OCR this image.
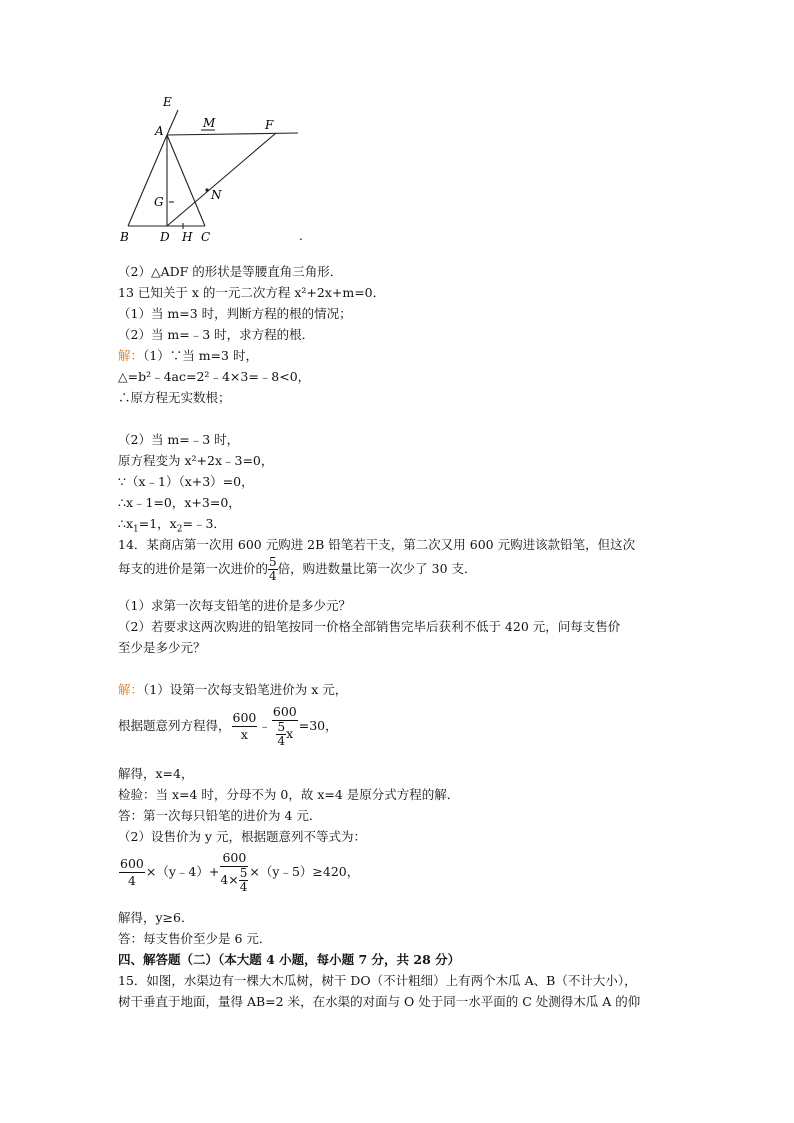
E
A
M	F
G	N
B	D H C	.
（2）△ADF 的形状是等腰直角三角形．
13 已知关于 x 的一元二次方程 x²+2x+m=0．
（1）当 m=3 时，判断方程的根的情况；
（2）当 m=﹣3 时，求方程的根．
解：（1）∵当 m=3 时，
△=b²﹣4ac=2²﹣4×3=﹣8<0，
∴原方程无实数根；
（2）当 m=﹣3 时，
原方程变为 x²+2x﹣3=0，
∵（x﹣1）（x+3）=0，
∴x﹣1=0，x+3=0，
$\therefore x_1=1$，$x_2=﹣3$．
14．某商店第一次用 600 元购进 2B 铅笔若干支，第二次又用 600 元购进该款铅笔，但这次
每支的进价是第一次进价的 $\frac{5}{4}$ 倍，购进数量比第一次少了 30 支．
（1）求第一次每支铅笔的进价是多少元？
（2）若要求这两次购进的铅笔按同一价格全部销售完毕后获利不低于 420 元，问每支售价
至少是多少元？
解：（1）设第一次每支铅笔进价为 x 元，
根据题意列方程得， $\frac{600}{x}$ ﹣ $\frac{600}{\frac{5}{4} x} =30$，
解得，x=4，
检验：当 x=4 时，分母不为 0，故 x=4 是原分式方程的解．
答：第一次每只铅笔的进价为 4 元．
（2）设售价为 y 元，根据题意列不等式为：
$\frac{600}{4}$ ×（y﹣4）+ $\frac{600}{4\times \frac{5}{4}}$ ×（y﹣5）≥420，
解得，y≥6．
答：每支售价至少是 6 元．
四、解答题（二）（本大题 4 小题，每小题 7 分，共 28 分）
15．如图，水渠边有一棵大木瓜树，树干 DO（不计粗细）上有两个木瓜 A、B（不计大小），
树干垂直于地面，量得 AB=2 米，在水渠的对面与 O 处于同一水平面的 C 处测得木瓜 A 的仰
